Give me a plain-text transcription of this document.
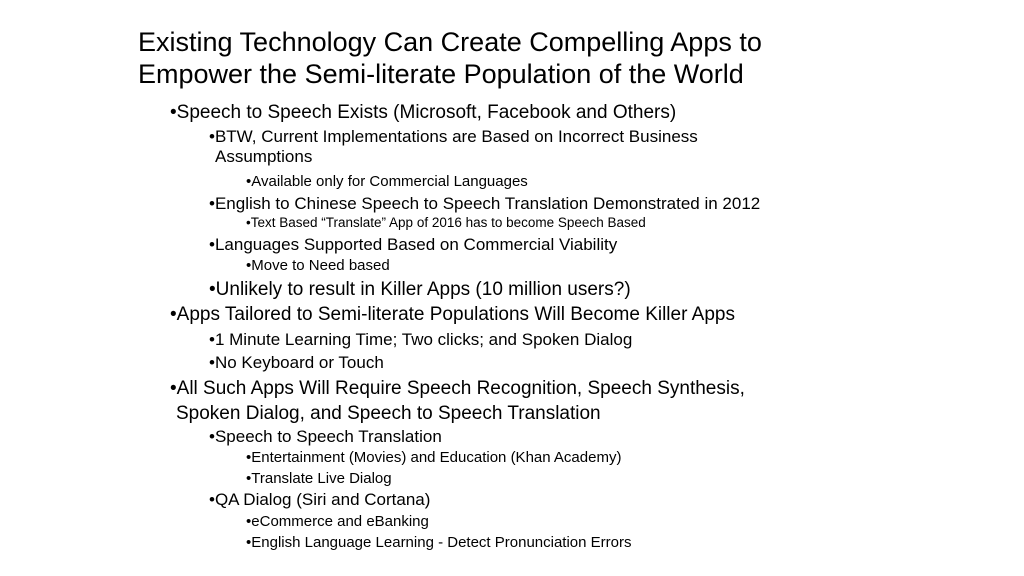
Existing Technology Can Create Compelling Apps to
Empower the Semi-literate Population of the World
•Speech to Speech Exists (Microsoft, Facebook and Others)
•BTW, Current Implementations are Based on Incorrect Business
Assumptions
•Available only for Commercial Languages
•English to Chinese Speech to Speech Translation Demonstrated in 2012
•Text Based “Translate” App of 2016 has to become Speech Based
•Languages Supported Based on Commercial Viability
•Move to Need based
•Unlikely to result in Killer Apps (10 million users?)
•Apps Tailored to Semi-literate Populations Will Become Killer Apps
•1 Minute Learning Time; Two clicks; and Spoken Dialog
•No Keyboard or Touch
•All Such Apps Will Require Speech Recognition, Speech Synthesis,
Spoken Dialog, and Speech to Speech Translation
•Speech to Speech Translation
•Entertainment (Movies) and Education (Khan Academy)
•Translate Live Dialog
•QA Dialog (Siri and Cortana)
•eCommerce and eBanking
•English Language Learning - Detect Pronunciation Errors
